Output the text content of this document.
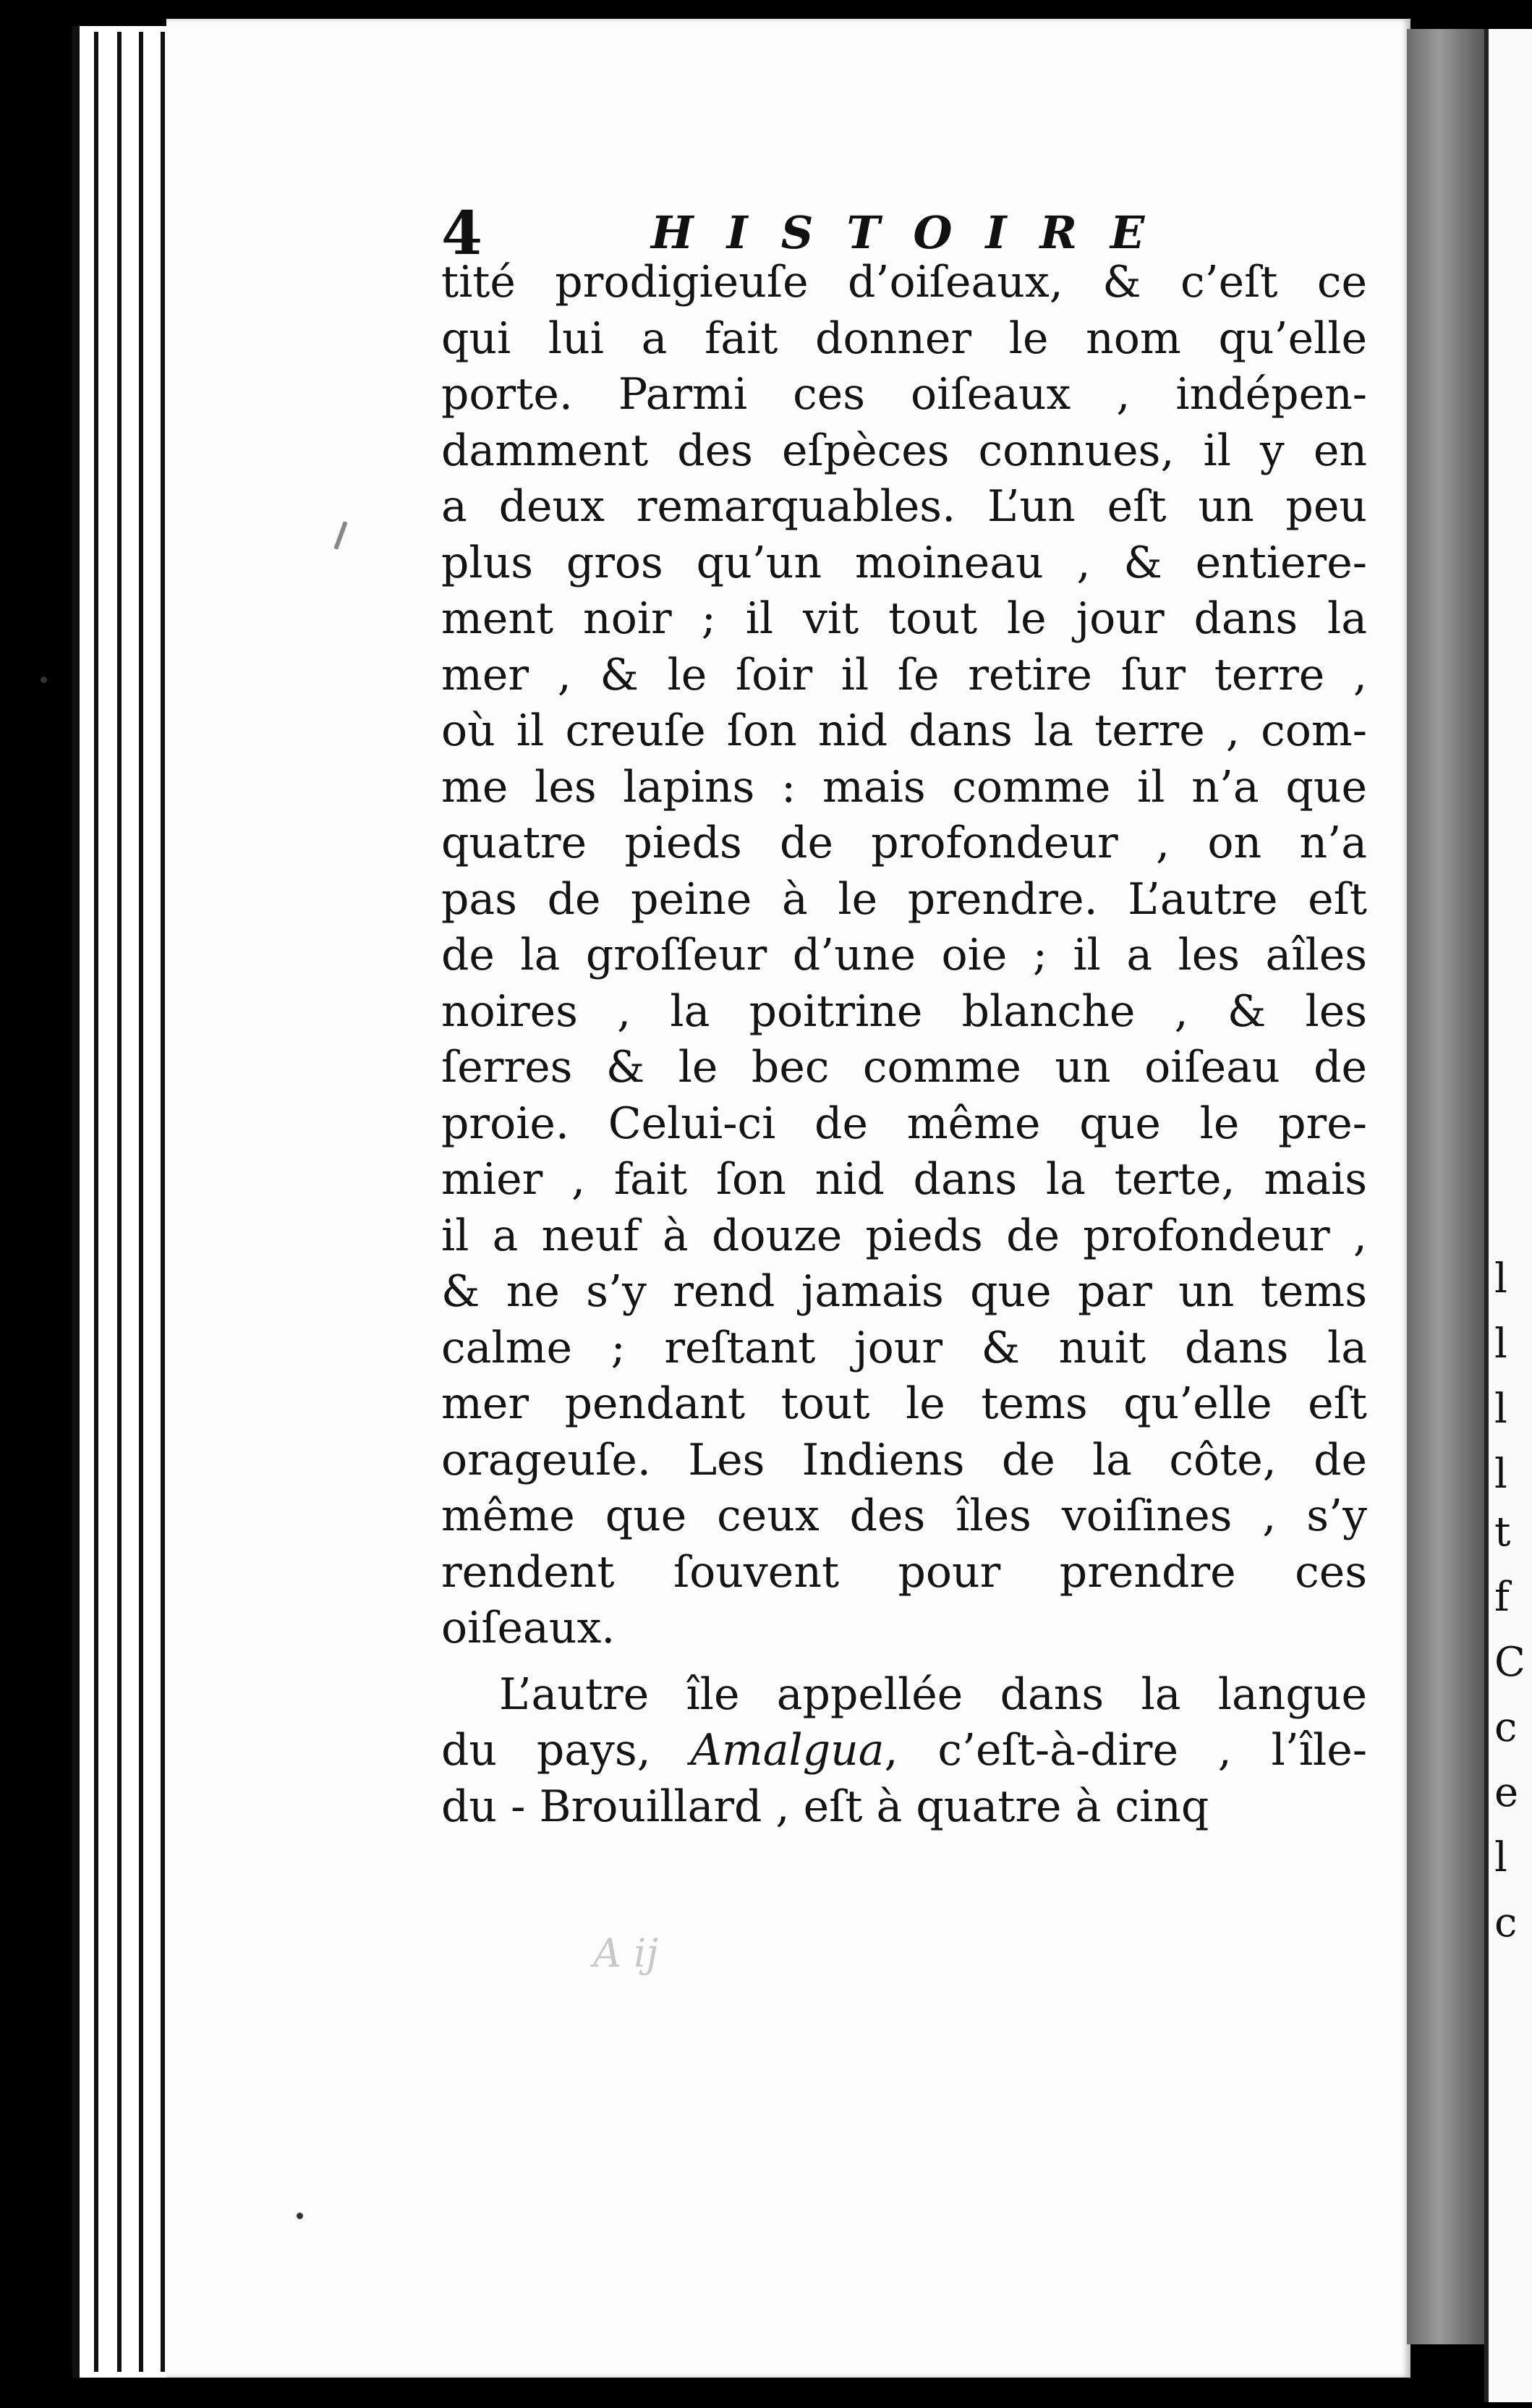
l
l
l
l
t
f
C
c
e
l
c
4	HISTOIRE
tité prodigieuſe d’oiſeaux, & c’eſt ce
qui lui a fait donner le nom qu’elle
porte. Parmi ces oiſeaux , indépen-
damment des eſpèces connues, il y en
a deux remarquables. L’un eſt un peu
plus gros qu’un moineau , & entiere-
ment noir ; il vit tout le jour dans la
mer , & le ſoir il ſe retire ſur terre ,
où il creuſe ſon nid dans la terre , com-
me les lapins : mais comme il n’a que
quatre pieds de profondeur , on n’a
pas de peine à le prendre. L’autre eſt
de la groſſeur d’une oie ; il a les aîles
noires , la poitrine blanche , & les
ſerres & le bec comme un oiſeau de
proie. Celui-ci de même que le pre-
mier , fait ſon nid dans la terte, mais
il a neuf à douze pieds de profondeur ,
& ne s’y rend jamais que par un tems
calme ; reſtant jour & nuit dans la
mer pendant tout le tems qu’elle eſt
orageuſe. Les Indiens de la côte, de
même que ceux des îles voiſines , s’y
rendent ſouvent pour prendre ces
oiſeaux.
L’autre île appellée dans la langue
du pays, Amalgua, c’eſt-à-dire , l’île-
du - Brouillard , eſt à quatre à cinq
A ij
